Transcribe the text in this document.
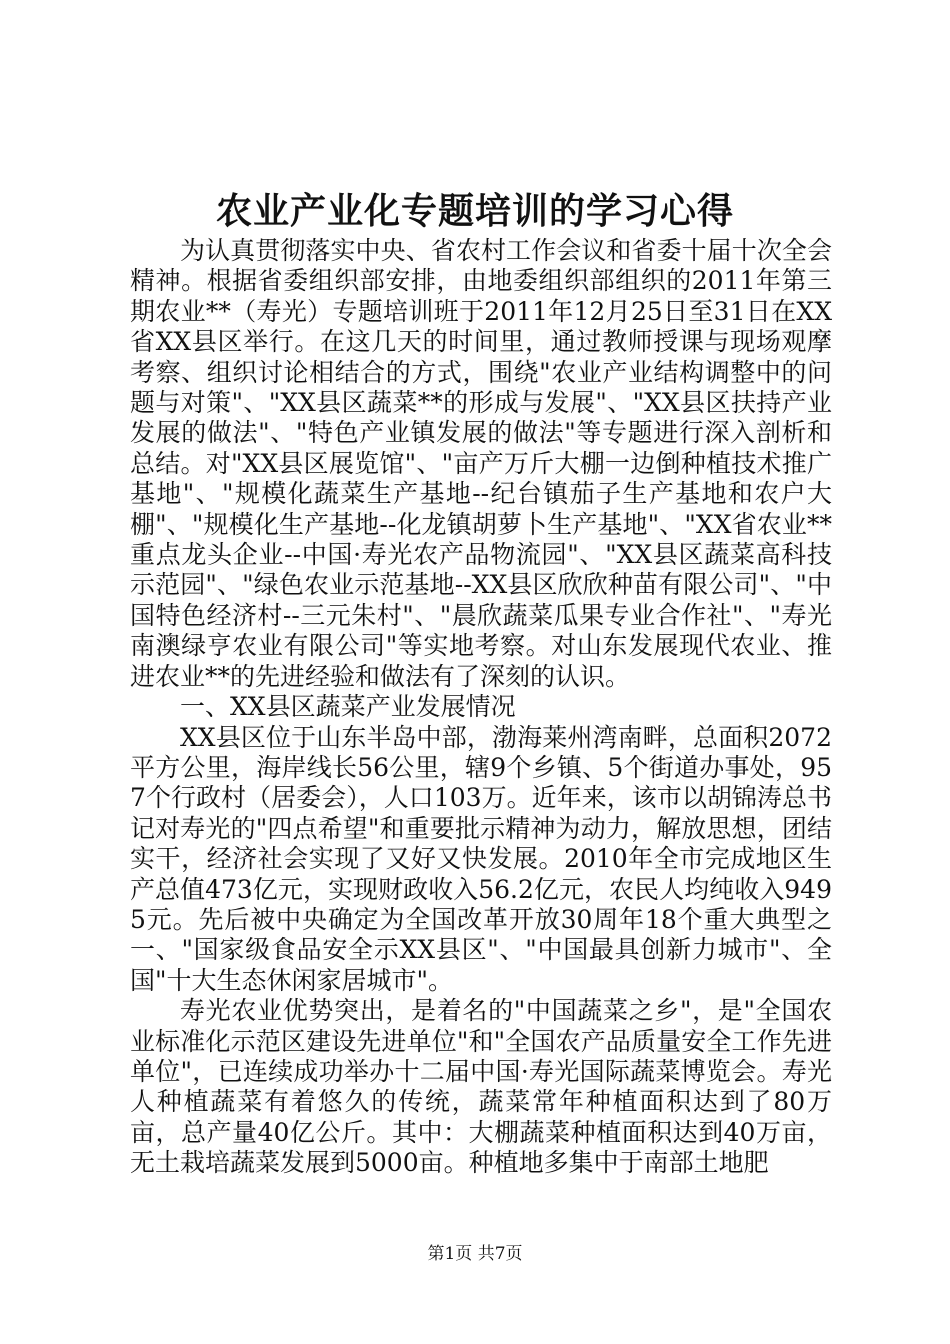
农业产业化专题培训的学习心得

为认真贯彻落实中央、省农村工作会议和省委十届十次全会精神。根据省委组织部安排，由地委组织部组织的2011年第三期农业**（寿光）专题培训班于2011年12月25日至31日在XX省XX县区举行。在这几天的时间里，通过教师授课与现场观摩考察、组织讨论相结合的方式，围绕"农业产业结构调整中的问题与对策"、"XX县区蔬菜**的形成与发展"、"XX县区扶持产业发展的做法"、"特色产业镇发展的做法"等专题进行深入剖析和总结。对"XX县区展览馆"、"亩产万斤大棚一边倒种植技术推广基地"、"规模化蔬菜生产基地--纪台镇茄子生产基地和农户大棚"、"规模化生产基地--化龙镇胡萝卜生产基地"、"XX省农业**重点龙头企业--中国·寿光农产品物流园"、"XX县区蔬菜高科技示范园"、"绿色农业示范基地--XX县区欣欣种苗有限公司"、"中国特色经济村--三元朱村"、"晨欣蔬菜瓜果专业合作社"、"寿光南澳绿亨农业有限公司"等实地考察。对山东发展现代农业、推进农业**的先进经验和做法有了深刻的认识。

一、XX县区蔬菜产业发展情况

XX县区位于山东半岛中部，渤海莱州湾南畔，总面积2072平方公里，海岸线长56公里，辖9个乡镇、5个街道办事处，957个行政村（居委会），人口103万。近年来，该市以胡锦涛总书记对寿光的"四点希望"和重要批示精神为动力，解放思想，团结实干，经济社会实现了又好又快发展。2010年全市完成地区生产总值473亿元，实现财政收入56.2亿元，农民人均纯收入9495元。先后被中央确定为全国改革开放30周年18个重大典型之一、"国家级食品安全示XX县区"、"中国最具创新力城市"、全国"十大生态休闲家居城市"。

寿光农业优势突出，是着名的"中国蔬菜之乡"，是"全国农业标准化示范区建设先进单位"和"全国农产品质量安全工作先进单位"，已连续成功举办十二届中国·寿光国际蔬菜博览会。寿光人种植蔬菜有着悠久的传统，蔬菜常年种植面积达到了80万亩，总产量40亿公斤。其中：大棚蔬菜种植面积达到40万亩，无土栽培蔬菜发展到5000亩。种植地多集中于南部土地肥

第1页 共7页
